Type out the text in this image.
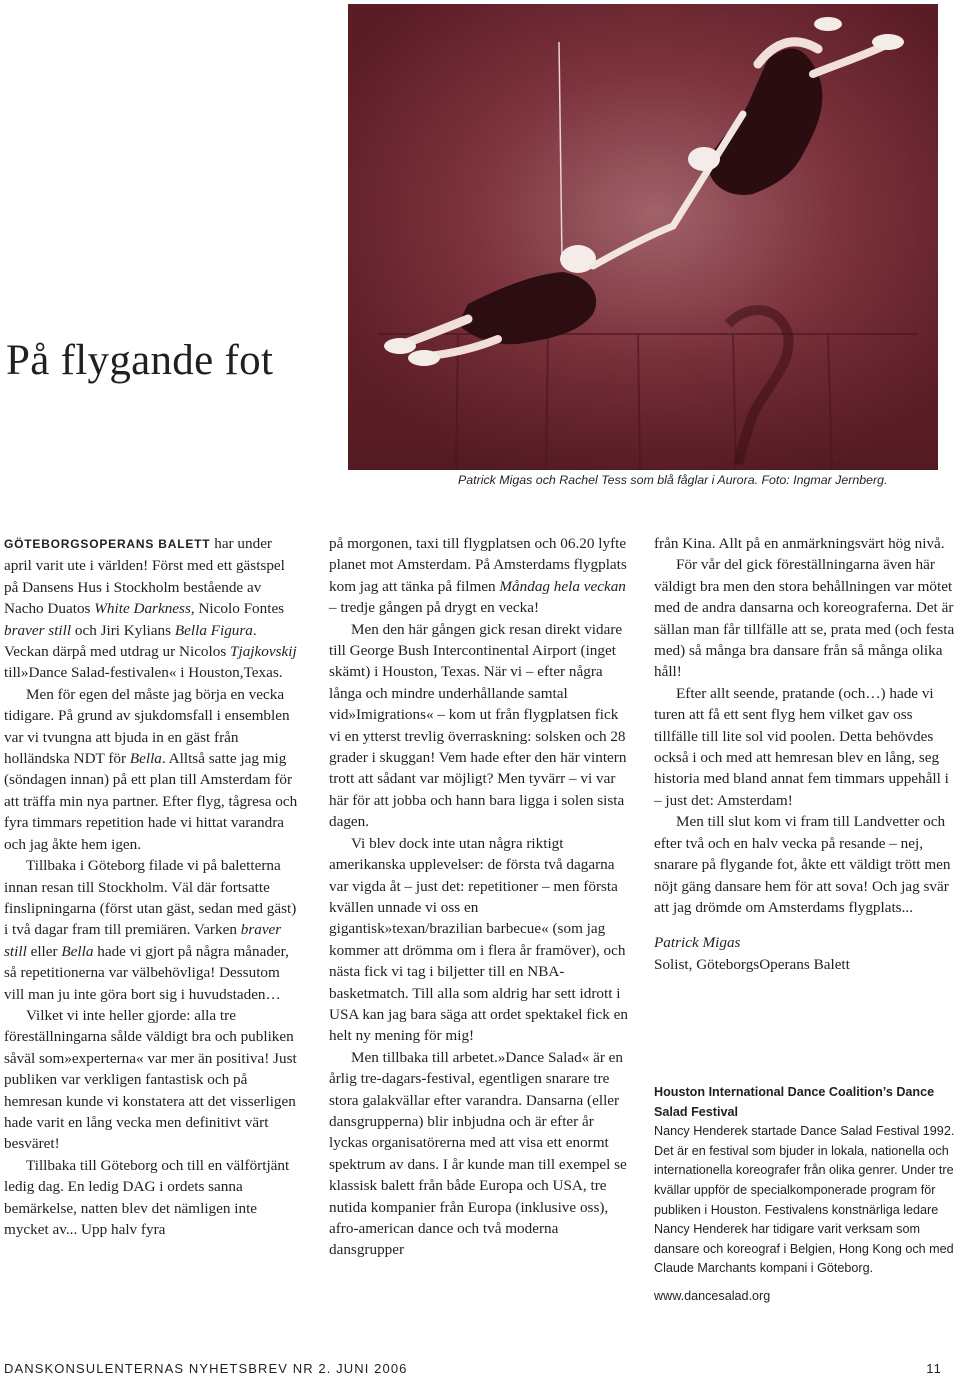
På flygande fot
Patrick Migas och Rachel Tess som blå fåglar i Aurora. Foto: Ingmar Jernberg.

GÖTEBORGSOPERANS BALETT har under april varit ute i världen! Först med ett gästspel på Dansens Hus i Stockholm bestående av Nacho Duatos White Darkness, Nicolo Fontes braver still och Jiri Kylians Bella Figura. Veckan därpå med utdrag ur Nicolos Tjajkovskij till»Dance Salad-festivalen« i Houston,Texas.

Men för egen del måste jag börja en vecka tidigare. På grund av sjukdomsfall i ensemblen var vi tvungna att bjuda in en gäst från holländska NDT för Bella. Alltså satte jag mig (söndagen innan) på ett plan till Amsterdam för att träffa min nya partner. Efter flyg, tågresa och fyra timmars repetition hade vi hittat varandra och jag åkte hem igen.

Tillbaka i Göteborg filade vi på baletterna innan resan till Stockholm. Väl där fortsatte finslipningarna (först utan gäst, sedan med gäst) i två dagar fram till premiären. Varken braver still eller Bella hade vi gjort på några månader, så repetitionerna var välbehövliga! Dessutom vill man ju inte göra bort sig i huvudstaden…

Vilket vi inte heller gjorde: alla tre föreställningarna sålde väldigt bra och publiken såväl som»experterna« var mer än positiva! Just publiken var verkligen fantastisk och på hemresan kunde vi konstatera att det visserligen hade varit en lång vecka men definitivt värt besväret!

Tillbaka till Göteborg och till en välförtjänt ledig dag. En ledig DAG i ordets sanna bemärkelse, natten blev det nämligen inte mycket av... Upp halv fyra

på morgonen, taxi till flygplatsen och 06.20 lyfte planet mot Amsterdam. På Amsterdams flygplats kom jag att tänka på filmen Måndag hela veckan – tredje gången på drygt en vecka!

Men den här gången gick resan direkt vidare till George Bush Intercontinental Airport (inget skämt) i Houston, Texas. När vi – efter några långa och mindre underhållande samtal vid»Imigrations« – kom ut från flygplatsen fick vi en ytterst trevlig överraskning: solsken och 28 grader i skuggan! Vem hade efter den här vintern trott att sådant var möjligt? Men tyvärr – vi var här för att jobba och hann bara ligga i solen sista dagen.

Vi blev dock inte utan några riktigt amerikanska upplevelser: de första två dagarna var vigda åt – just det: repetitioner – men första kvällen unnade vi oss en gigantisk»texan/brazilian barbecue« (som jag kommer att drömma om i flera år framöver), och nästa fick vi tag i biljetter till en NBA-basketmatch. Till alla som aldrig har sett idrott i USA kan jag bara säga att ordet spektakel fick en helt ny mening för mig!

Men tillbaka till arbetet.»Dance Salad« är en årlig tre-dagars-festival, egentligen snarare tre stora galakvällar efter varandra. Dansarna (eller dansgrupperna) blir inbjudna och är efter år lyckas organisatörerna med att visa ett enormt spektrum av dans. I år kunde man till exempel se klassisk balett från både Europa och USA, tre nutida kompanier från Europa (inklusive oss), afro-american dance och två moderna dansgrupper

från Kina. Allt på en anmärkningsvärt hög nivå.

För vår del gick föreställningarna även här väldigt bra men den stora behållningen var mötet med de andra dansarna och koreograferna. Det är sällan man får tillfälle att se, prata med (och festa med) så många bra dansare från så många olika håll!

Efter allt seende, pratande (och…) hade vi turen att få ett sent flyg hem vilket gav oss tillfälle till lite sol vid poolen. Detta behövdes också i och med att hemresan blev en lång, seg historia med bland annat fem timmars uppehåll i – just det: Amsterdam!

Men till slut kom vi fram till Landvetter och efter två och en halv vecka på resande – nej, snarare på flygande fot, åkte ett väldigt trött men nöjt gäng dansare hem för att sova! Och jag svär att jag drömde om Amsterdams flygplats...

Patrick Migas

Solist, GöteborgsOperans Balett

Houston International Dance Coalition’s Dance Salad Festival

Nancy Henderek startade Dance Salad Festival 1992. Det är en festival som bjuder in lokala, nationella och internationella koreografer från olika genrer. Under tre kvällar uppför de specialkomponerade program för publiken i Houston. Festivalens konstnärliga ledare Nancy Henderek har tidigare varit verksam som dansare och koreograf i Belgien, Hong Kong och med Claude Marchants kompani i Göteborg.

www.dancesalad.org

DANSKONSULENTERNAS NYHETSBREV NR 2. JUNI 2006	11
